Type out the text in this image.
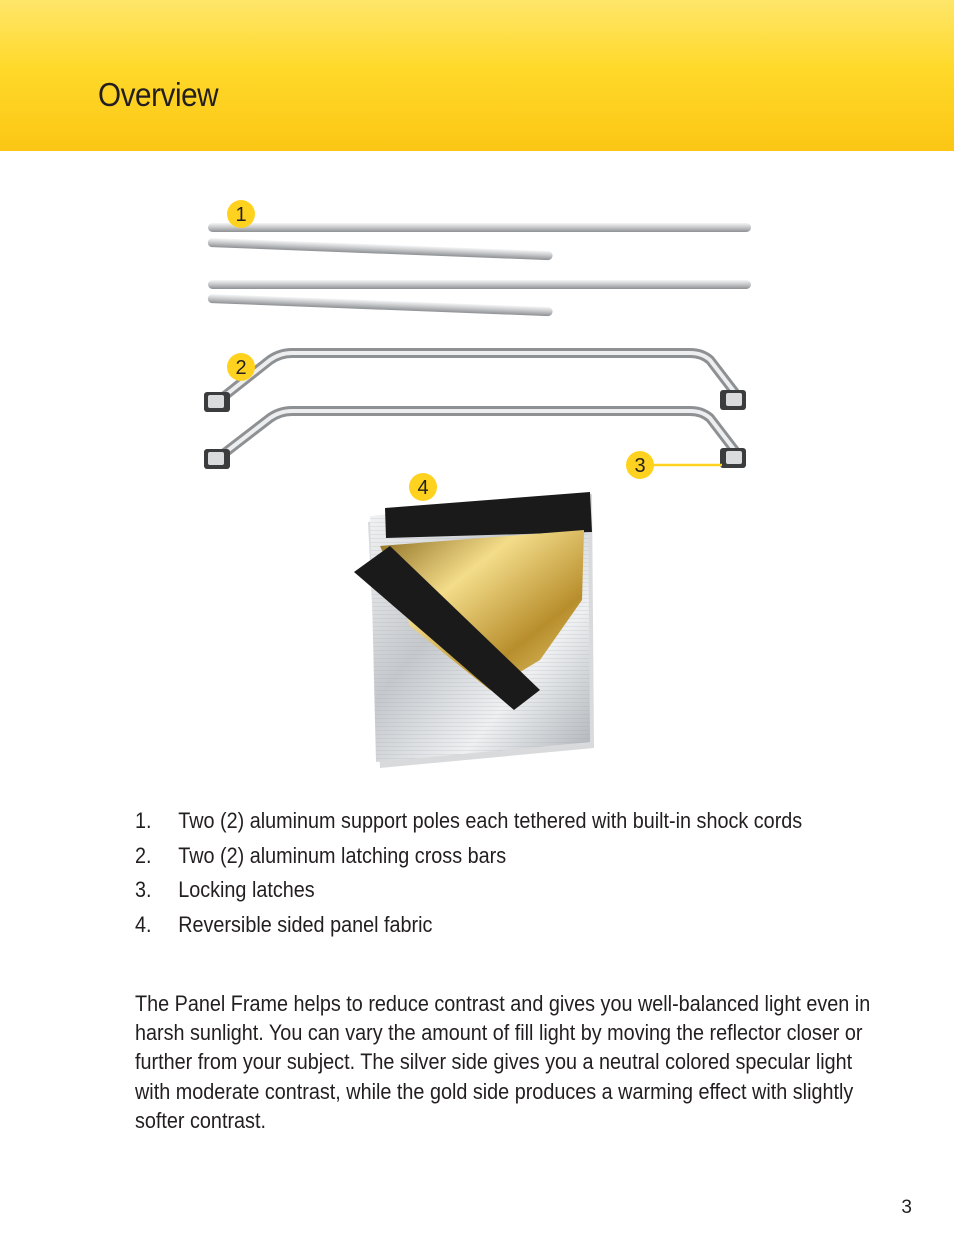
Overview
1
2
3
4
1. Two (2) aluminum support poles each tethered with built-in shock cords
2. Two (2) aluminum latching cross bars
3. Locking latches
4. Reversible sided panel fabric

The Panel Frame helps to reduce contrast and gives you well-balanced light even in harsh sunlight. You can vary the amount of fill light by moving the reflector closer or further from your subject. The silver side gives you a neutral colored specular light with moderate contrast, while the gold side produces a warming effect with slightly softer contrast.

3
